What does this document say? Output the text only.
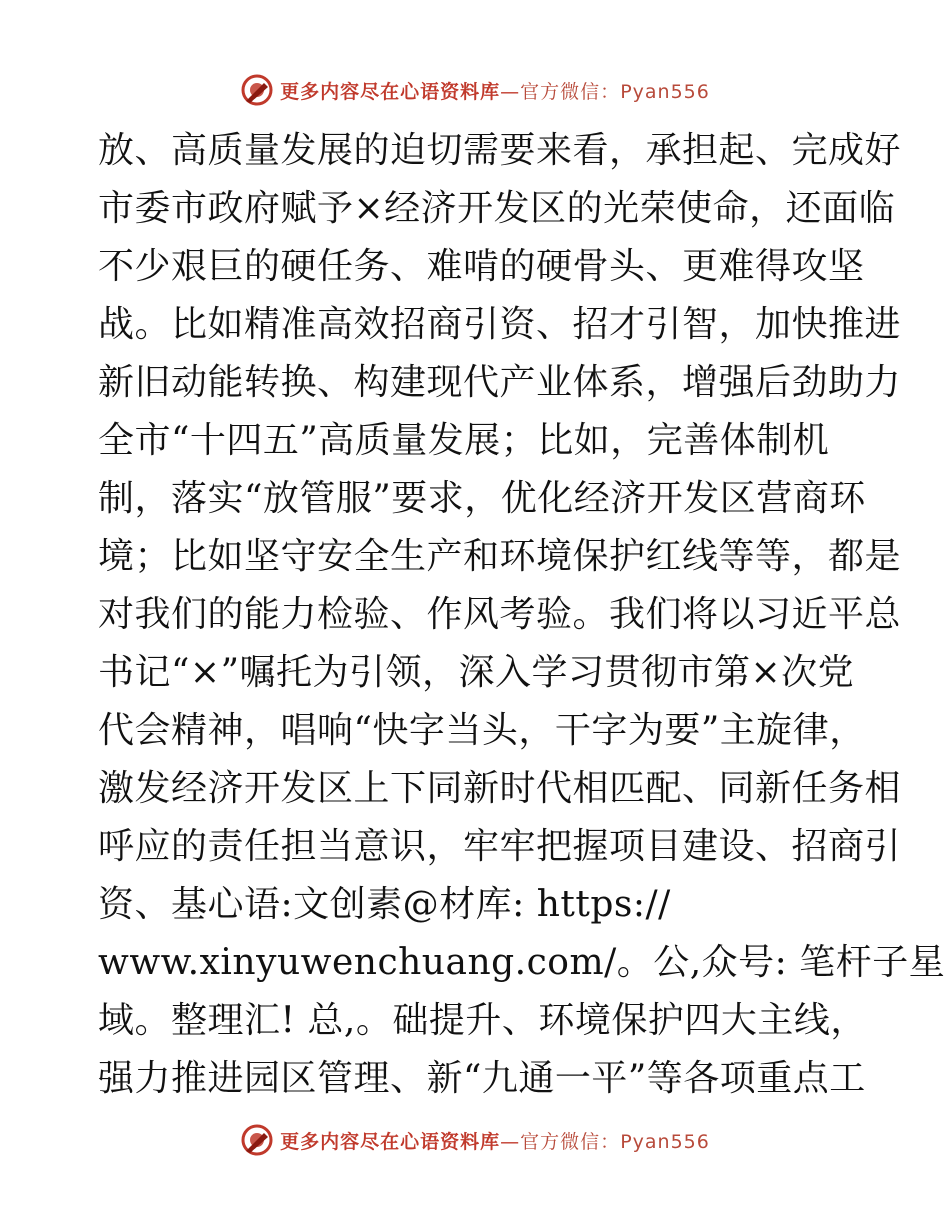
更多内容尽在心语资料库—官方微信：Pyan556
放、高质量发展的迫切需要来看，承担起、完成好
市委市政府赋予×经济开发区的光荣使命，还面临
不少艰巨的硬任务、难啃的硬骨头、更难得攻坚
战。比如精准高效招商引资、招才引智，加快推进
新旧动能转换、构建现代产业体系，增强后劲助力
全市“十四五”高质量发展；比如，完善体制机
制，落实“放管服”要求，优化经济开发区营商环
境；比如坚守安全生产和环境保护红线等等，都是
对我们的能力检验、作风考验。我们将以习近平总
书记“×”嘱托为引领，深入学习贯彻市第×次党
代会精神，唱响“快字当头，干字为要”主旋律，
激发经济开发区上下同新时代相匹配、同新任务相
呼应的责任担当意识，牢牢把握项目建设、招商引
资、基心语:文创素@材库: https://
www.xinyuwenchuang.com/。公,众号: 笔杆子星
域。整理汇! 总,。础提升、环境保护四大主线，
强力推进园区管理、新“九通一平”等各项重点工
更多内容尽在心语资料库—官方微信：Pyan556
